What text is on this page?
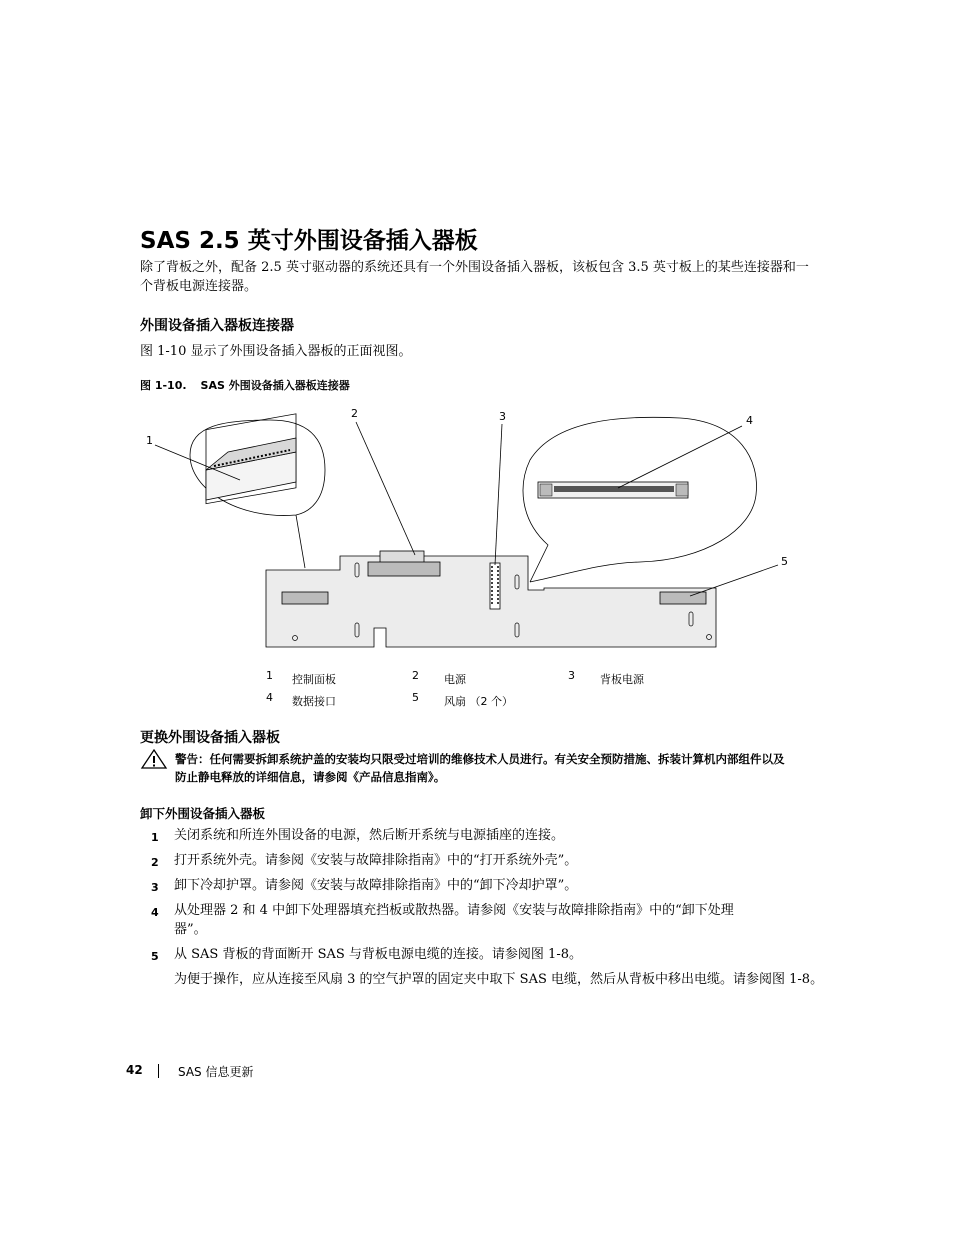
SAS 2.5 英寸外围设备插入器板
除了背板之外，配备 2.5 英寸驱动器的系统还具有一个外围设备插入器板，该板包含 3.5 英寸板上的某些连接器和一个背板电源连接器。
外围设备插入器板连接器
图 1-10 显示了外围设备插入器板的正面视图。
图 1-10. SAS 外围设备插入器板连接器
1
2	3	4
5
1 控制面板	2 电源	3 背板电源
4 数据接口	5 风扇 （2 个）
更换外围设备插入器板
警告：任何需要拆卸系统护盖的安装均只限受过培训的维修技术人员进行。有关安全预防措施、拆装计算机内部组件以及防止静电释放的详细信息，请参阅《产品信息指南》。
卸下外围设备插入器板
1 关闭系统和所连外围设备的电源，然后断开系统与电源插座的连接。
2 打开系统外壳。请参阅《安装与故障排除指南》中的“打开系统外壳”。
3 卸下冷却护罩。请参阅《安装与故障排除指南》中的“卸下冷却护罩”。
4 从处理器 2 和 4 中卸下处理器填充挡板或散热器。请参阅《安装与故障排除指南》中的“卸下处理器”。
5 从 SAS 背板的背面断开 SAS 与背板电源电缆的连接。请参阅图 1-8。
为便于操作，应从连接至风扇 3 的空气护罩的固定夹中取下 SAS 电缆，然后从背板中移出电缆。请参阅图 1-8。
42	SAS 信息更新
